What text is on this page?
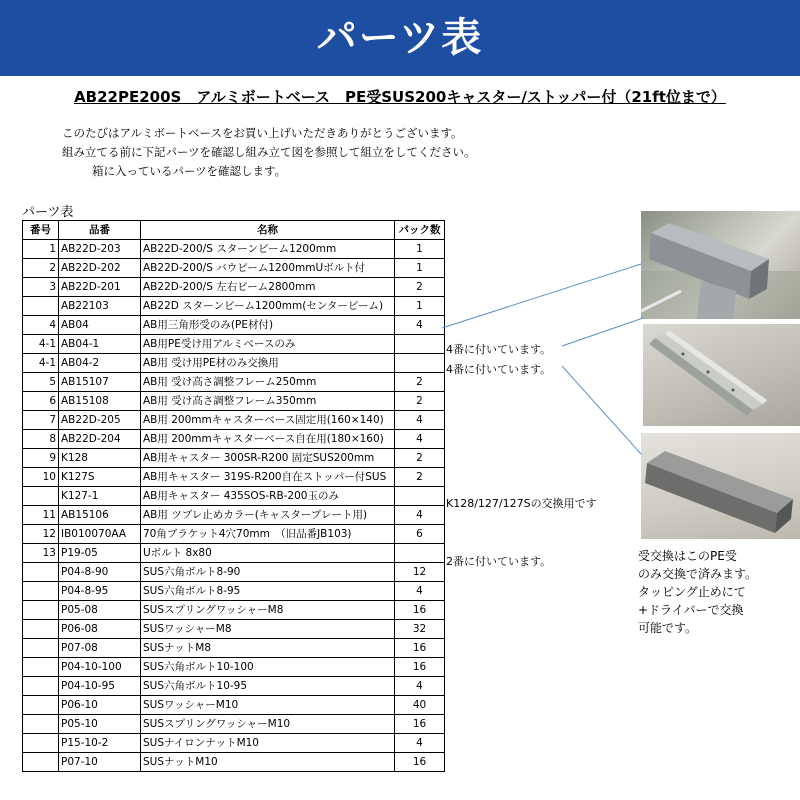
パーツ表
AB22PE200S　アルミボートベース　PE受SUS200キャスター/ストッパー付（21ft位まで）
このたびはアルミボートベースをお買い上げいただきありがとうございます。
組み立てる前に下記パーツを確認し組み立て図を参照して組立をしてください。
箱に入っているパーツを確認します。
パーツ表
番号	品番	名称	パック数
1	AB22D-203	AB22D-200/S スターンビーム1200mm	1
2	AB22D-202	AB22D-200/S バウビーム1200mmUボルト付	1
3	AB22D-201	AB22D-200/S 左右ビーム2800mm	2
	AB22103	AB22D スターンビーム1200mm(センタービーム)	1
4	AB04	AB用三角形受のみ(PE材付)	4
4-1	AB04-1	AB用PE受け用アルミベースのみ	
4-1	AB04-2	AB用 受け用PE材のみ交換用	
5	AB15107	AB用 受け高さ調整フレーム250mm	2
6	AB15108	AB用 受け高さ調整フレーム350mm	2
7	AB22D-205	AB用 200mmキャスターベース固定用(160×140)	4
8	AB22D-204	AB用 200mmキャスターベース自在用(180×160)	4
9	K128	AB用キャスター 300SR-R200 固定SUS200mm	2
10	K127S	AB用キャスター 319S-R200自在ストッパー付SUS	2
	K127-1	AB用キャスター 435SOS-RB-200玉のみ	
11	AB15106	AB用 ツブレ止めカラー(キャスタープレート用)	4
12	IB010070AA	70角ブラケット4穴70mm　（旧品番JB103)	6
13	P19-05	Uボルト 8x80	
	P04-8-90	SUS六角ボルト8-90	12
	P04-8-95	SUS六角ボルト8-95	4
	P05-08	SUSスプリングワッシャーM8	16
	P06-08	SUSワッシャーM8	32
	P07-08	SUSナットM8	16
	P04-10-100	SUS六角ボルト10-100	16
	P04-10-95	SUS六角ボルト10-95	4
	P06-10	SUSワッシャーM10	40
	P05-10	SUSスプリングワッシャーM10	16
	P15-10-2	SUSナイロンナットM10	4
	P07-10	SUSナットM10	16
4番に付いています。
4番に付いています。
K128/127/127Sの交換用です
2番に付いています。	受交換はこのPE受
のみ交換で済みます。
タッピング止めにて
+ドライバーで交換
可能です。
